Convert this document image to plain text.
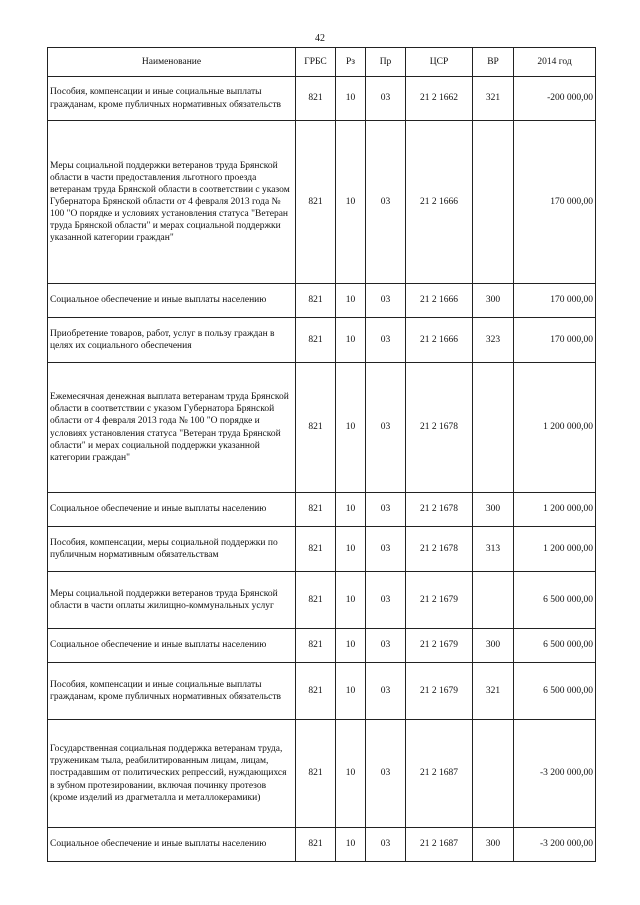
42
Наименование	ГРБС	Рз	Пр	ЦСР	ВР	2014 год
Пособия, компенсации и иные социальные выплаты гражданам, кроме публичных нормативных обязательств	821	10	03	21 2 1662	321	-200 000,00
Меры социальной поддержки ветеранов труда Брянской области в части предоставления льготного проезда ветеранам труда Брянской области в соответствии с указом Губернатора Брянской области от 4 февраля 2013 года № 100 "О порядке и условиях установления статуса "Ветеран труда Брянской области" и мерах социальной поддержки указанной категории граждан"	821	10	03	21 2 1666		170 000,00
Социальное обеспечение и иные выплаты населению	821	10	03	21 2 1666	300	170 000,00
Приобретение товаров, работ, услуг в пользу граждан в целях их социального обеспечения	821	10	03	21 2 1666	323	170 000,00
Ежемесячная денежная выплата ветеранам труда Брянской области в соответствии с указом Губернатора Брянской области от 4 февраля 2013 года № 100 "О порядке и условиях установления статуса "Ветеран труда Брянской области" и мерах социальной поддержки указанной категории граждан"	821	10	03	21 2 1678		1 200 000,00
Социальное обеспечение и иные выплаты населению	821	10	03	21 2 1678	300	1 200 000,00
Пособия, компенсации, меры социальной поддержки по публичным нормативным обязательствам	821	10	03	21 2 1678	313	1 200 000,00
Меры социальной поддержки ветеранов труда Брянской области в части оплаты жилищно-коммунальных услуг	821	10	03	21 2 1679		6 500 000,00
Социальное обеспечение и иные выплаты населению	821	10	03	21 2 1679	300	6 500 000,00
Пособия, компенсации и иные социальные выплаты гражданам, кроме публичных нормативных обязательств	821	10	03	21 2 1679	321	6 500 000,00
Государственная социальная поддержка ветеранам труда, труженикам тыла, реабилитированным лицам, лицам, пострадавшим от политических репрессий, нуждающихся в зубном протезировании, включая починку протезов (кроме изделий из драгметалла и металлокерамики)	821	10	03	21 2 1687		-3 200 000,00
Социальное обеспечение и иные выплаты населению	821	10	03	21 2 1687	300	-3 200 000,00
